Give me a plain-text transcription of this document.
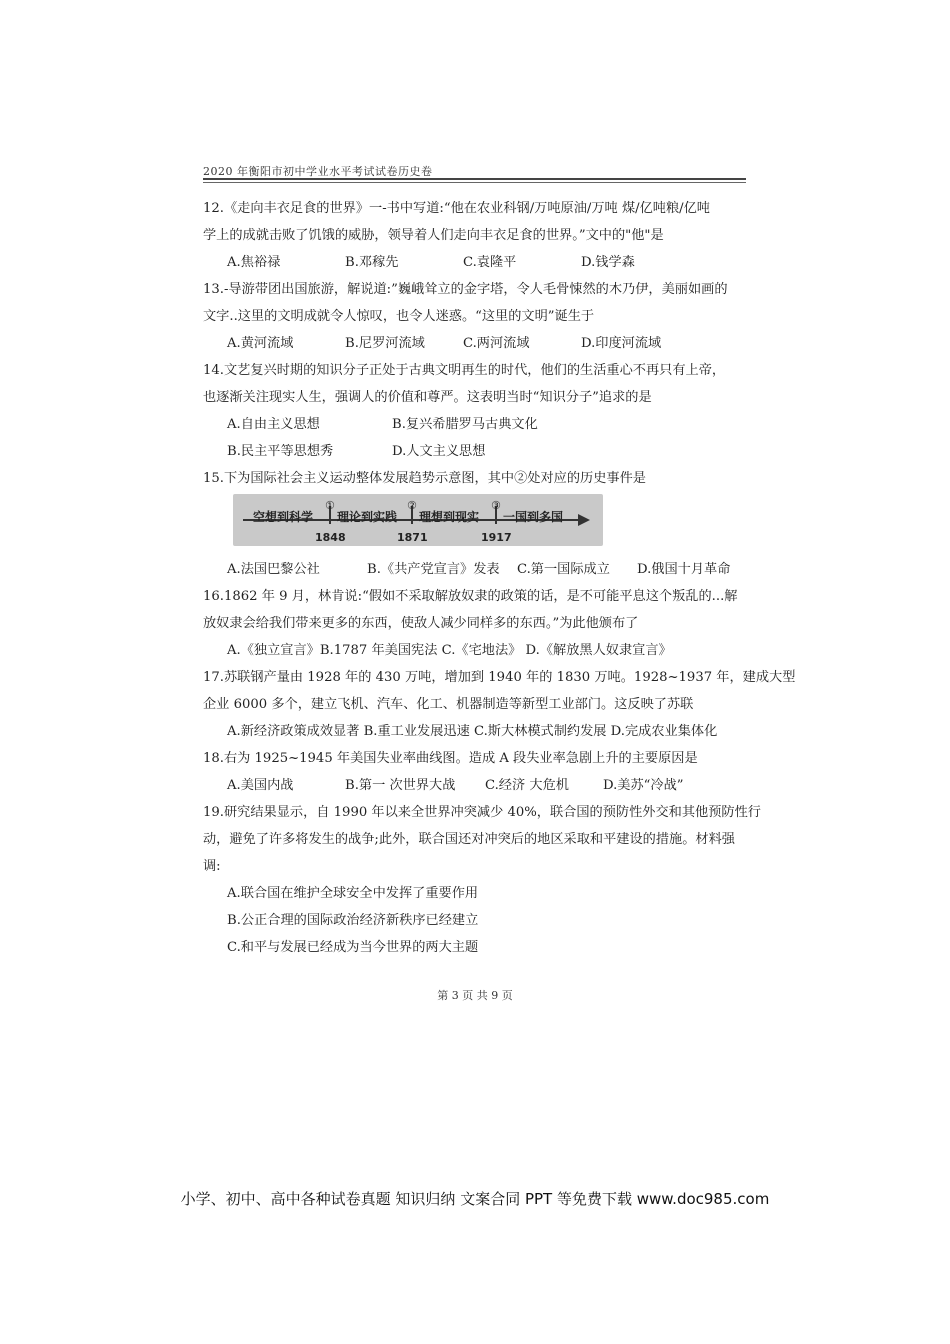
2020 年衡阳市初中学业水平考试试卷历史卷

12.《走向丰衣足食的世界》一-书中写道:“他在农业科钢/万吨原油/万吨 煤/亿吨粮/亿吨

学上的成就击败了饥饿的威胁，领导着人们走向丰衣足食的世界。”文中的"他"是

A.焦裕禄	B.邓稼先	C.袁隆平	D.钱学森

13.-导游带团出国旅游，解说道:”巍峨耸立的金字塔，令人毛骨悚然的木乃伊，美丽如画的

文字..这里的文明成就令人惊叹，也令人迷惑。“这里的文明”诞生于

A.黄河流域	B.尼罗河流域	C.两河流域	D.印度河流域

14.文艺复兴时期的知识分子正处于古典文明再生的时代，他们的生活重心不再只有上帝，

也逐渐关注现实人生，强调人的价值和尊严。这表明当时“知识分子”追求的是

A.自由主义思想	B.复兴希腊罗马古典文化
B.民主平等思想秀	D.人文主义思想

15.下为国际社会主义运动整体发展趋势示意图，其中②处对应的历史事件是

空想到科学 理论到实践 理想到现实 一国到多国
①	②	③
1848	1871	1917
A.法国巴黎公社	B.《共产党宣言》发表	C.第一国际成立	D.俄国十月革命

16.1862 年 9 月，林肯说:“假如不采取解放奴隶的政策的话，是不可能平息这个叛乱的...解

放奴隶会给我们带来更多的东西，使敌人减少同样多的东西。”为此他颁布了

A.《独立宣言》B.1787 年美国宪法 C.《宅地法》 D.《解放黑人奴隶宣言》

17.苏联钢产量由 1928 年的 430 万吨，增加到 1940 年的 1830 万吨。1928~1937 年，建成大型

企业 6000 多个，建立飞机、汽车、化工、机器制造等新型工业部门。这反映了苏联

A.新经济政策成效显著 B.重工业发展迅速 C.斯大林模式制约发展 D.完成农业集体化

18.右为 1925~1945 年美国失业率曲线图。造成 A 段失业率急剧上升的主要原因是

A.美国内战	B.第一 次世界大战	C.经济 大危机	D.美苏“冷战”

19.研究结果显示，自 1990 年以来全世界冲突减少 40%，联合国的预防性外交和其他预防性行

动，避免了许多将发生的战争;此外，联合国还对冲突后的地区采取和平建设的措施。材料强

调:

A.联合国在维护全球安全中发挥了重要作用

B.公正合理的国际政治经济新秩序已经建立

C.和平与发展已经成为当今世界的两大主题

第 3 页 共 9 页
小学、初中、高中各种试卷真题 知识归纳 文案合同 PPT 等免费下载 www.doc985.com
